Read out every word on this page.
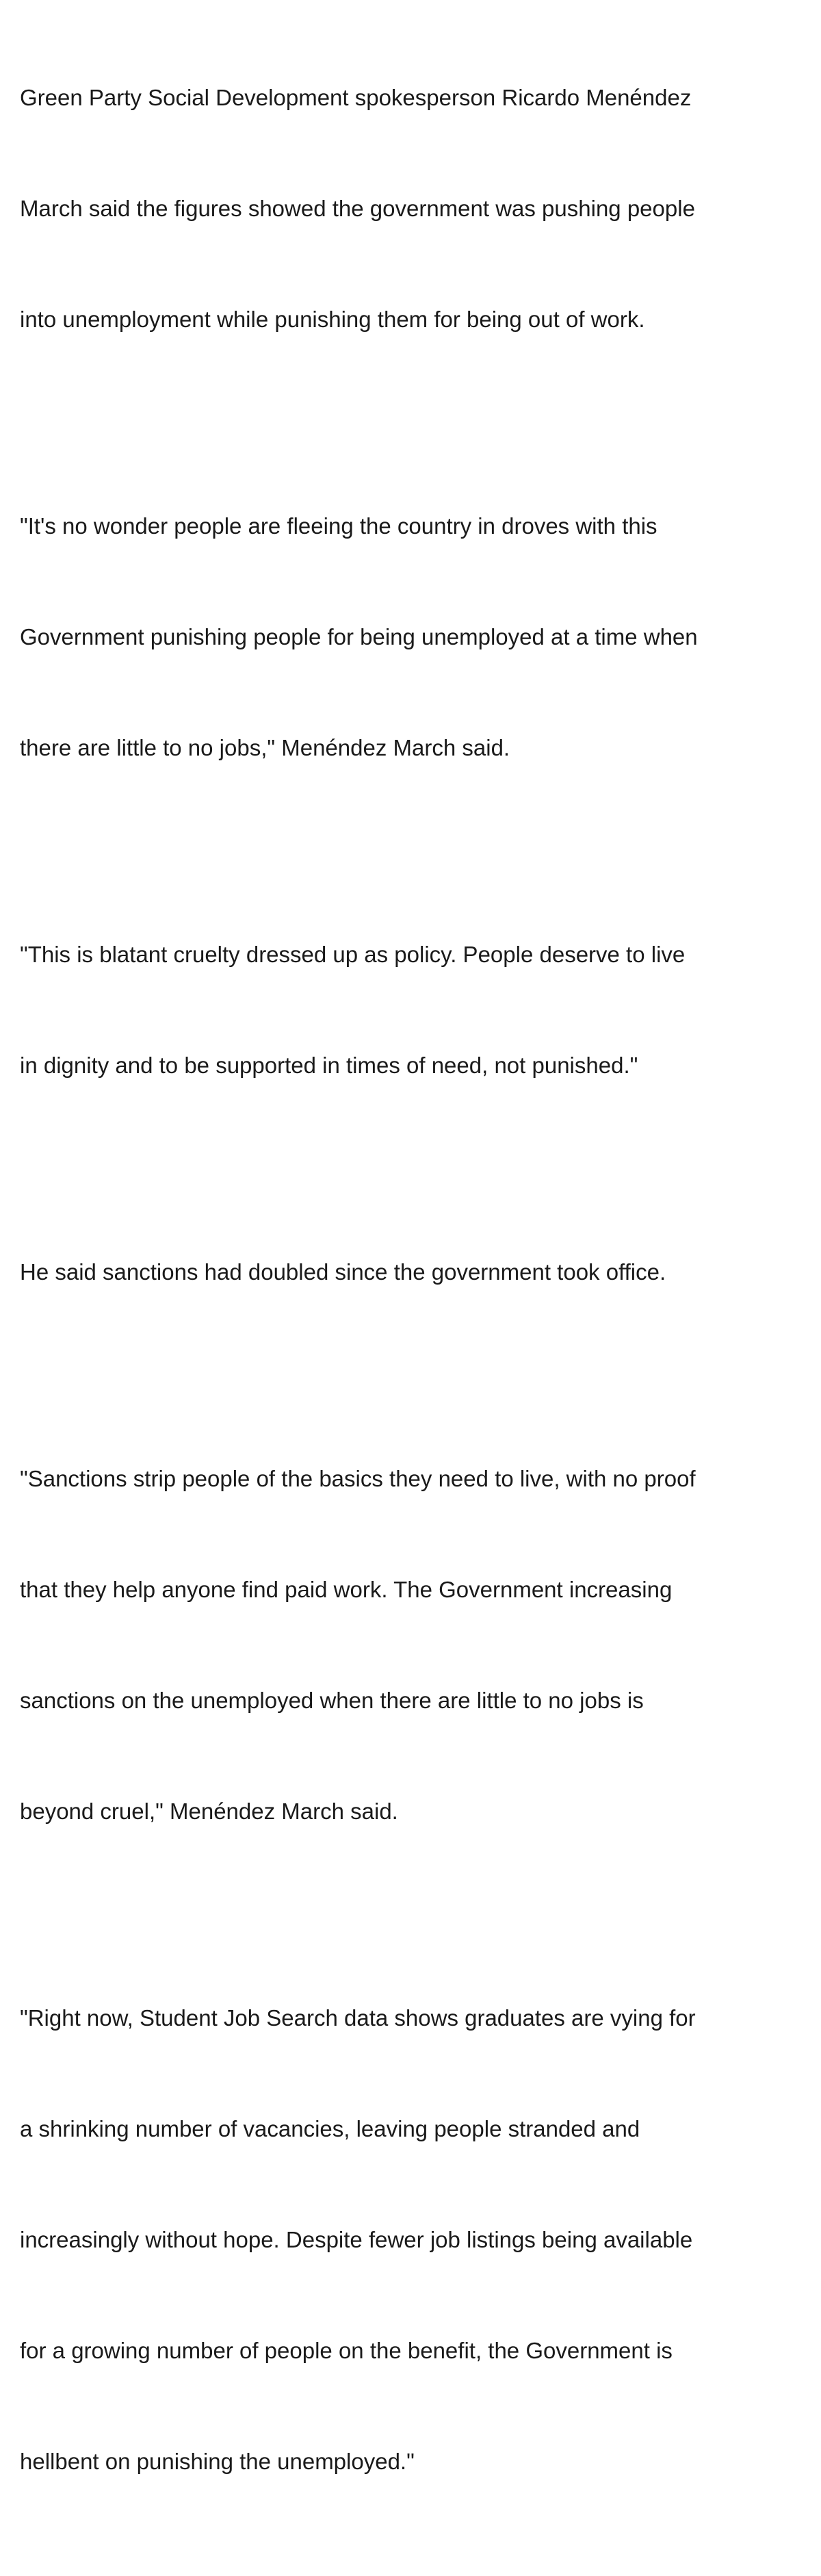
Green Party Social Development spokesperson Ricardo Menéndez

March said the figures showed the government was pushing people

into unemployment while punishing them for being out of work.

"It's no wonder people are fleeing the country in droves with this

Government punishing people for being unemployed at a time when

there are little to no jobs," Menéndez March said.

"This is blatant cruelty dressed up as policy. People deserve to live

in dignity and to be supported in times of need, not punished."

He said sanctions had doubled since the government took office.

"Sanctions strip people of the basics they need to live, with no proof

that they help anyone find paid work. The Government increasing

sanctions on the unemployed when there are little to no jobs is

beyond cruel," Menéndez March said.

"Right now, Student Job Search data shows graduates are vying for

a shrinking number of vacancies, leaving people stranded and

increasingly without hope. Despite fewer job listings being available

for a growing number of people on the benefit, the Government is

hellbent on punishing the unemployed."
